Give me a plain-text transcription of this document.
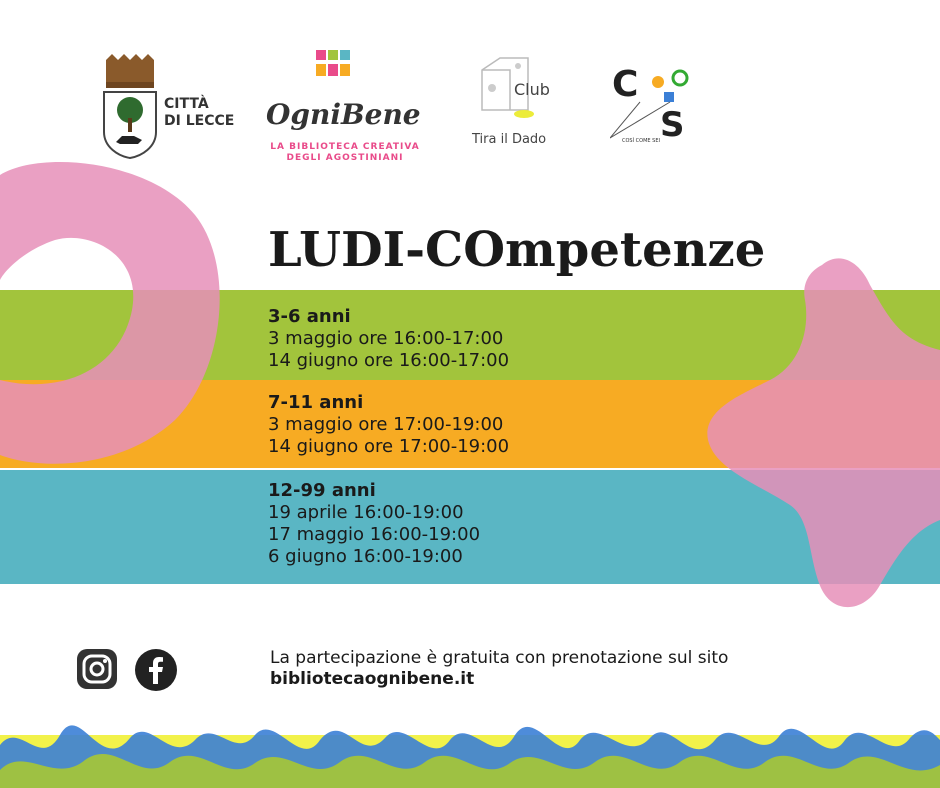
CITTÀ
DI LECCE OgniBene
LA BIBLIOTECA CREATIVA
DEGLI AGOSTINIANI
Club
Tira il Dado
C
S
COSÌ COME SEI
LUDI-COmpetenze
3-6 anni
3 maggio ore 16:00-17:00
14 giugno ore 16:00-17:00
7-11 anni
3 maggio ore 17:00-19:00
14 giugno ore 17:00-19:00
12-99 anni
19 aprile 16:00-19:00
17 maggio 16:00-19:00
6 giugno 16:00-19:00
La partecipazione è gratuita con prenotazione sul sito
bibliotecaognibene.it
